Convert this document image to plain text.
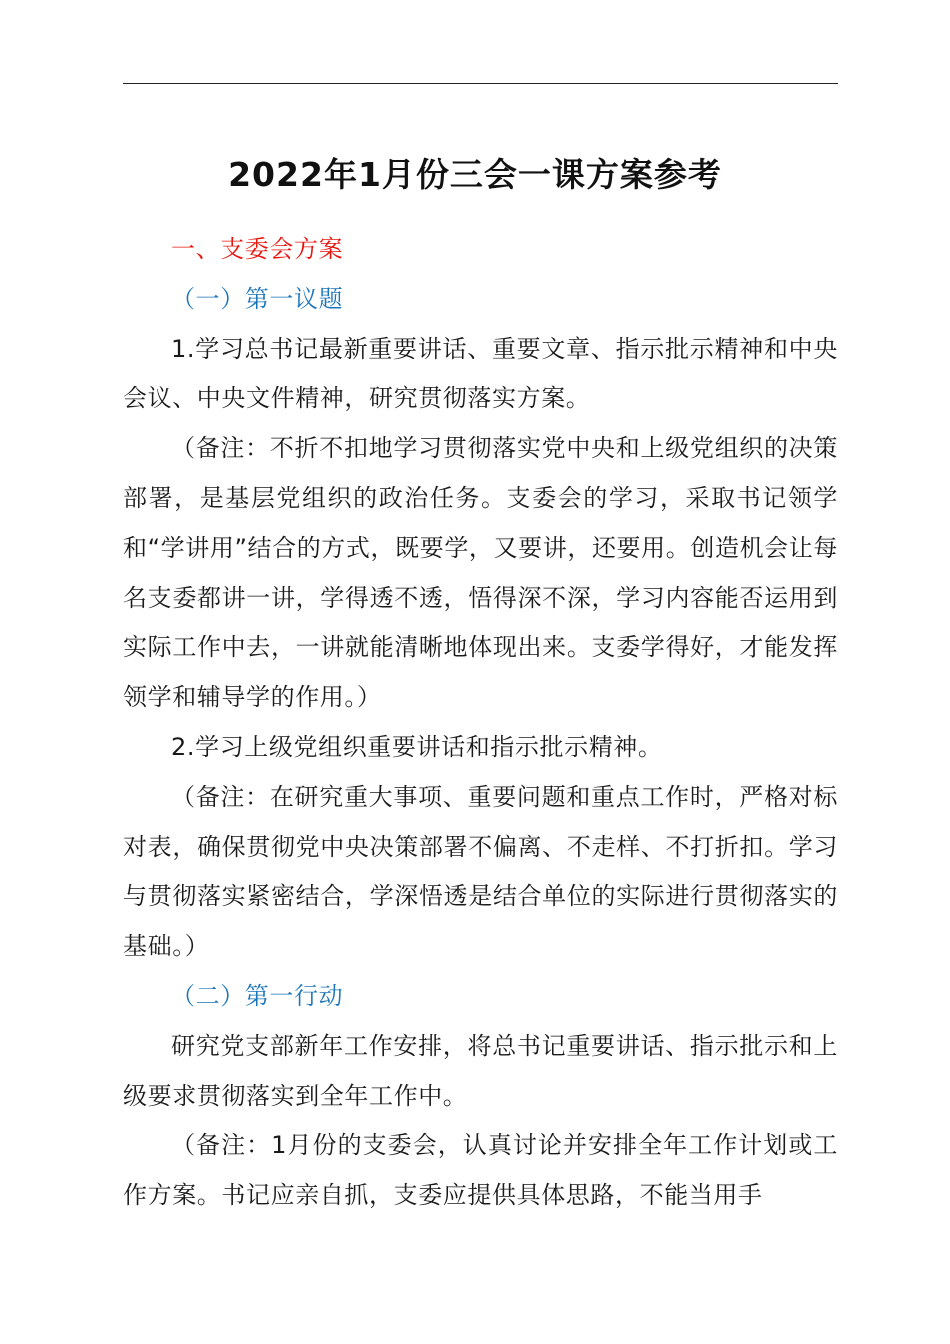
2022年1月份三会一课方案参考

一、支委会方案

（一）第一议题

1.学习总书记最新重要讲话、重要文章、指示批示精神和中央会议、中央文件精神，研究贯彻落实方案。

（备注：不折不扣地学习贯彻落实党中央和上级党组织的决策部署，是基层党组织的政治任务。支委会的学习，采取书记领学和“学讲用”结合的方式，既要学，又要讲，还要用。创造机会让每名支委都讲一讲，学得透不透，悟得深不深，学习内容能否运用到实际工作中去，一讲就能清晰地体现出来。支委学得好，才能发挥领学和辅导学的作用。）

2.学习上级党组织重要讲话和指示批示精神。

（备注：在研究重大事项、重要问题和重点工作时，严格对标对表，确保贯彻党中央决策部署不偏离、不走样、不打折扣。学习与贯彻落实紧密结合，学深悟透是结合单位的实际进行贯彻落实的基础。）

（二）第一行动

研究党支部新年工作安排，将总书记重要讲话、指示批示和上级要求贯彻落实到全年工作中。

（备注：1月份的支委会，认真讨论并安排全年工作计划或工作方案。书记应亲自抓，支委应提供具体思路，不能当用手
